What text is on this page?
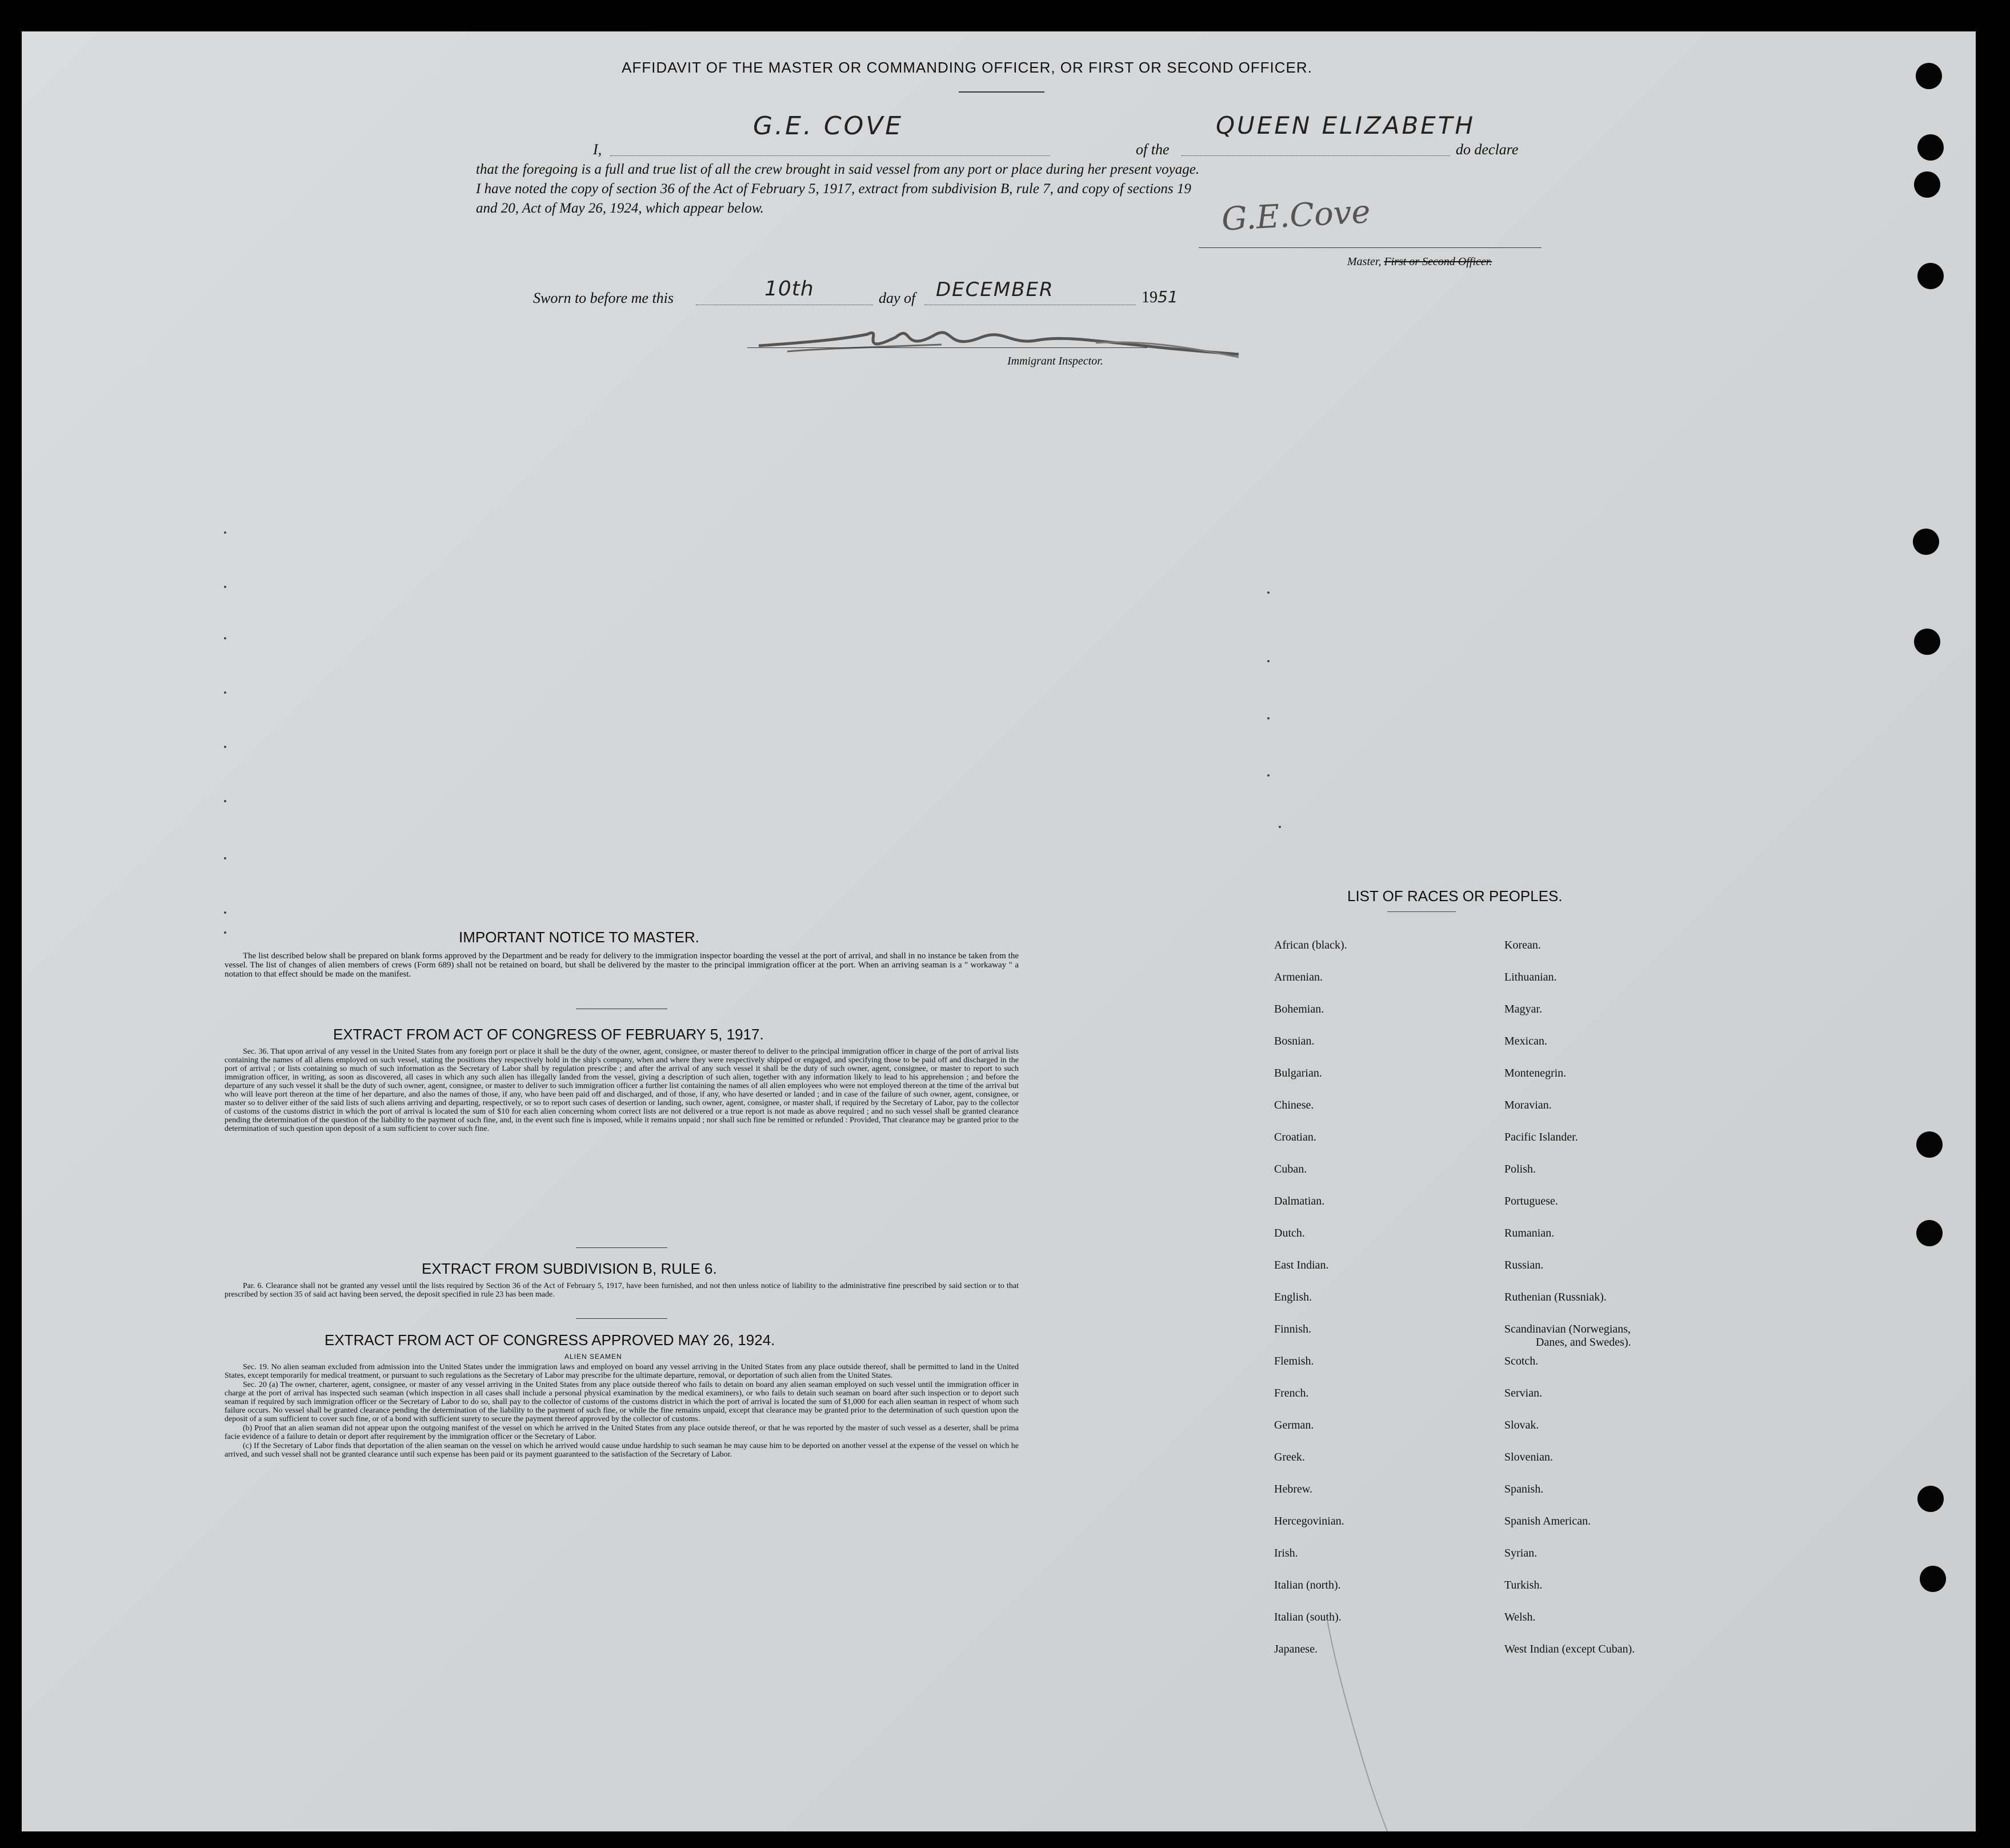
AFFIDAVIT OF THE MASTER OR COMMANDING OFFICER, OR FIRST OR SECOND OFFICER.
I,
G.E. COVE
of the
QUEEN ELIZABETH
do declare
that the foregoing is a full and true list of all the crew brought in said vessel from any port or place during her present voyage.
I have noted the copy of section 36 of the Act of February 5, 1917, extract from subdivision B, rule 7, and copy of sections 19
and 20, Act of May 26, 1924, which appear below.	G.E.Cove
Master, First or Second Officer.
Sworn to before me this	10th	day of DECEMBER	1951
Immigrant Inspector.
IMPORTANT NOTICE TO MASTER.
The list described below shall be prepared on blank forms approved by the Department and be ready for delivery to the immigration inspector boarding the vessel at the port of arrival, and shall in no instance be taken from the vessel. The list of changes of alien members of crews (Form 689) shall not be retained on board, but shall be delivered by the master to the principal immigration officer at the port. When an arriving seaman is a " workaway " a notation to that effect should be made on the manifest.
EXTRACT FROM ACT OF CONGRESS OF FEBRUARY 5, 1917.
Sec. 36. That upon arrival of any vessel in the United States from any foreign port or place it shall be the duty of the owner, agent, consignee, or master thereof to deliver to the principal immigration officer in charge of the port of arrival lists containing the names of all aliens employed on such vessel, stating the positions they respectively hold in the ship's company, when and where they were respectively shipped or engaged, and specifying those to be paid off and discharged in the port of arrival ; or lists containing so much of such information as the Secretary of Labor shall by regulation prescribe ; and after the arrival of any such vessel it shall be the duty of such owner, agent, consignee, or master to report to such immigration officer, in writing, as soon as discovered, all cases in which any such alien has illegally landed from the vessel, giving a description of such alien, together with any information likely to lead to his apprehension ; and before the departure of any such vessel it shall be the duty of such owner, agent, consignee, or master to deliver to such immigration officer a further list containing the names of all alien employees who were not employed thereon at the time of the arrival but who will leave port thereon at the time of her departure, and also the names of those, if any, who have been paid off and discharged, and of those, if any, who have deserted or landed ; and in case of the failure of such owner, agent, consignee, or master so to deliver either of the said lists of such aliens arriving and departing, respectively, or so to report such cases of desertion or landing, such owner, agent, consignee, or master shall, if required by the Secretary of Labor, pay to the collector of customs of the customs district in which the port of arrival is located the sum of $10 for each alien concerning whom correct lists are not delivered or a true report is not made as above required ; and no such vessel shall be granted clearance pending the determination of the question of the liability to the payment of such fine, and, in the event such fine is imposed, while it remains unpaid ; nor shall such fine be remitted or refunded : Provided, That clearance may be granted prior to the determination of such question upon deposit of a sum sufficient to cover such fine.
EXTRACT FROM SUBDIVISION B, RULE 6.
Par. 6. Clearance shall not be granted any vessel until the lists required by Section 36 of the Act of February 5, 1917, have been furnished, and not then unless notice of liability to the administrative fine prescribed by said section or to that prescribed by section 35 of said act having been served, the deposit specified in rule 23 has been made.
EXTRACT FROM ACT OF CONGRESS APPROVED MAY 26, 1924.
ALIEN SEAMEN

Sec. 19. No alien seaman excluded from admission into the United States under the immigration laws and employed on board any vessel arriving in the United States from any place outside thereof, shall be permitted to land in the United States, except temporarily for medical treatment, or pursuant to such regulations as the Secretary of Labor may prescribe for the ultimate departure, removal, or deportation of such alien from the United States.

Sec. 20 (a) The owner, charterer, agent, consignee, or master of any vessel arriving in the United States from any place outside thereof who fails to detain on board any alien seaman employed on such vessel until the immigration officer in charge at the port of arrival has inspected such seaman (which inspection in all cases shall include a personal physical examination by the medical examiners), or who fails to detain such seaman on board after such inspection or to deport such seaman if required by such immigration officer or the Secretary of Labor to do so, shall pay to the collector of customs of the customs district in which the port of arrival is located the sum of $1,000 for each alien seaman in respect of whom such failure occurs. No vessel shall be granted clearance pending the determination of the liability to the payment of such fine, or while the fine remains unpaid, except that clearance may be granted prior to the determination of such question upon the deposit of a sum sufficient to cover such fine, or of a bond with sufficient surety to secure the payment thereof approved by the collector of customs.

(b) Proof that an alien seaman did not appear upon the outgoing manifest of the vessel on which he arrived in the United States from any place outside thereof, or that he was reported by the master of such vessel as a deserter, shall be prima facie evidence of a failure to detain or deport after requirement by the immigration officer or the Secretary of Labor.

(c) If the Secretary of Labor finds that deportation of the alien seaman on the vessel on which he arrived would cause undue hardship to such seaman he may cause him to be deported on another vessel at the expense of the vessel on which he arrived, and such vessel shall not be granted clearance until such expense has been paid or its payment guaranteed to the satisfaction of the Secretary of Labor.

LIST OF RACES OR PEOPLES.
African (black).
Armenian.
Bohemian.
Bosnian.
Bulgarian.
Chinese.
Croatian.
Cuban.
Dalmatian.
Dutch.
East Indian.
English.
Finnish.
Flemish.
French.
German.
Greek.
Hebrew.
Hercegovinian.
Irish.
Italian (north).
Italian (south).
Japanese.
Korean.
Lithuanian.
Magyar.
Mexican.
Montenegrin.
Moravian.
Pacific Islander.
Polish.
Portuguese.
Rumanian.
Russian.
Ruthenian (Russniak).
Scandinavian (Norwegians,
Danes, and Swedes).
Scotch.
Servian.
Slovak.
Slovenian.
Spanish.
Spanish American.
Syrian.
Turkish.
Welsh.
West Indian (except Cuban).
